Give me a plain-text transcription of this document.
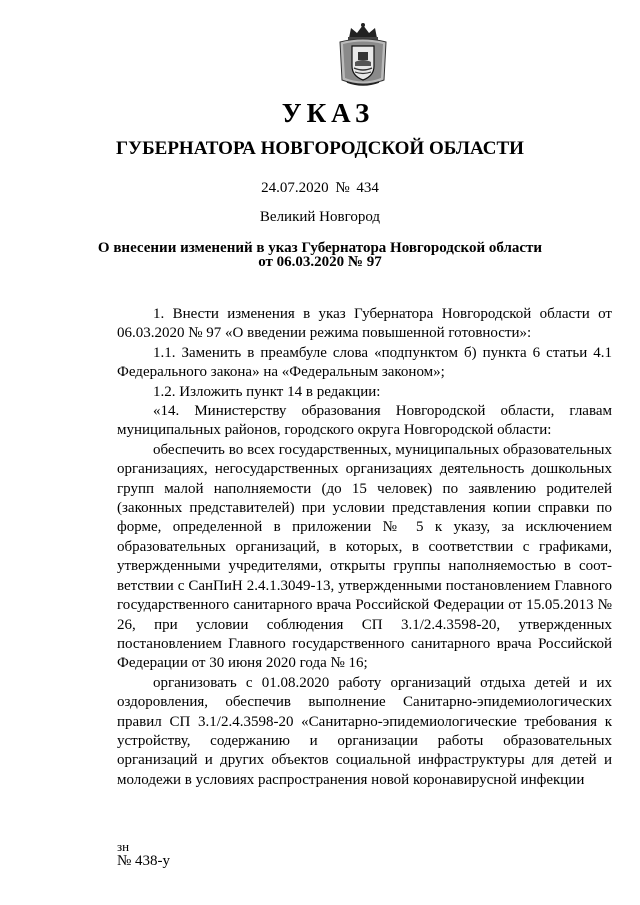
УКАЗ
ГУБЕРНАТОРА НОВГОРОДСКОЙ ОБЛАСТИ
24.07.2020 № 434
Великий Новгород
О внесении изменений в указ Губернатора Новгородской области
от 06.03.2020 № 97

1. Внести изменения в указ Губернатора Новгородской области от 06.03.2020 № 97 «О введении режима повышенной готовности»:

1.1. Заменить в преамбуле слова «подпунктом б) пункта 6 статьи 4.1 Федерального закона» на «Федеральным законом»;

1.2. Изложить пункт 14 в редакции:

«14. Министерству образования Новгородской области, главам муниципальных районов, городского округа Новгородской области:

обеспечить во всех государственных, муниципальных образовательных организациях, негосударственных организациях деятельность дошкольных групп малой наполняемости (до 15 человек) по заявлению родителей (законных представителей) при условии представления копии справки по форме, определенной в приложении № 5 к указу, за исключением образовательных организаций, в которых, в соответствии с графиками, утвержденными учредителями, открыты группы наполняемостью в соот-ветствии с СанПиН 2.4.1.3049-13, утвержденными постановлением Главного государственного санитарного врача Российской Федерации от 15.05.2013 № 26, при условии соблюдения СП 3.1/2.4.3598-20, утвержденных постановлением Главного государственного санитарного врача Российской Федерации от 30 июня 2020 года № 16;

организовать с 01.08.2020 работу организаций отдыха детей и их оздоровления, обеспечив выполнение Санитарно-эпидемиологических правил СП 3.1/2.4.3598-20 «Санитарно-эпидемиологические требования к устройству, содержанию и организации работы образовательных организаций и других объектов социальной инфраструктуры для детей и молодежи в условиях распространения новой коронавирусной инфекции

зн
№ 438-у
